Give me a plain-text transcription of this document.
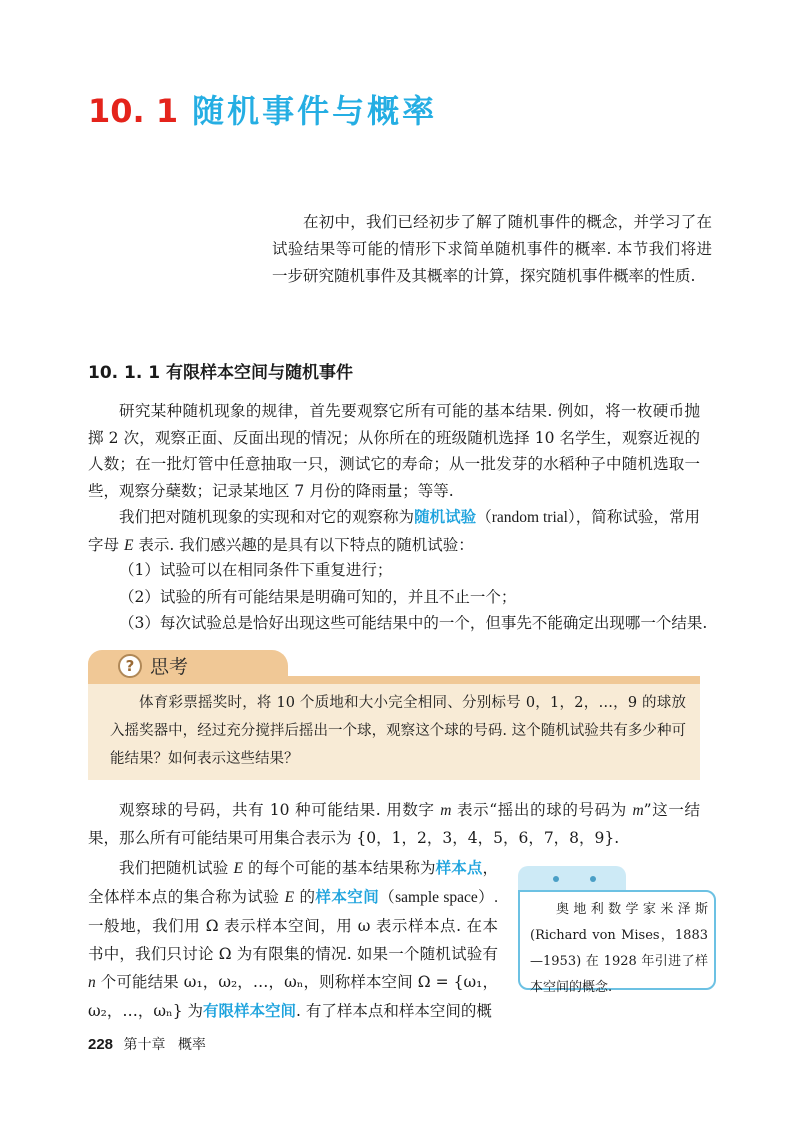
10. 1 随机事件与概率
在初中，我们已经初步了解了随机事件的概念，并学习了在试验结果等可能的情形下求简单随机事件的概率. 本节我们将进一步研究随机事件及其概率的计算，探究随机事件概率的性质.
10. 1. 1 有限样本空间与随机事件
研究某种随机现象的规律，首先要观察它所有可能的基本结果. 例如，将一枚硬币抛掷 2 次，观察正面、反面出现的情况；从你所在的班级随机选择 10 名学生，观察近视的人数；在一批灯管中任意抽取一只，测试它的寿命；从一批发芽的水稻种子中随机选取一些，观察分蘖数；记录某地区 7 月份的降雨量；等等.
我们把对随机现象的实现和对它的观察称为随机试验（random trial），简称试验，常用字母 E 表示. 我们感兴趣的是具有以下特点的随机试验：
（1）试验可以在相同条件下重复进行；
（2）试验的所有可能结果是明确可知的，并且不止一个；
（3）每次试验总是恰好出现这些可能结果中的一个，但事先不能确定出现哪一个结果.
? 思考
体育彩票摇奖时，将 10 个质地和大小完全相同、分别标号 0，1，2，…，9 的球放入摇奖器中，经过充分搅拌后摇出一个球，观察这个球的号码. 这个随机试验共有多少种可能结果？如何表示这些结果？
观察球的号码，共有 10 种可能结果. 用数字 m 表示“摇出的球的号码为 m”这一结果，那么所有可能结果可用集合表示为 {0，1，2，3，4，5，6，7，8，9}.
我们把随机试验 E 的每个可能的基本结果称为样本点，全体样本点的集合称为试验 E 的样本空间（sample space）. 一般地，我们用 Ω 表示样本空间，用 ω 表示样本点. 在本书中，我们只讨论 Ω 为有限集的情况. 如果一个随机试验有 n 个可能结果 ω₁，ω₂，…，ωₙ，则称样本空间 Ω = {ω₁，ω₂，…，ωₙ} 为有限样本空间. 有了样本点和样本空间的概
奥地利数学家米泽斯 (Richard von Mises，1883—1953) 在 1928 年引进了样本空间的概念.
228 第十章 概率
